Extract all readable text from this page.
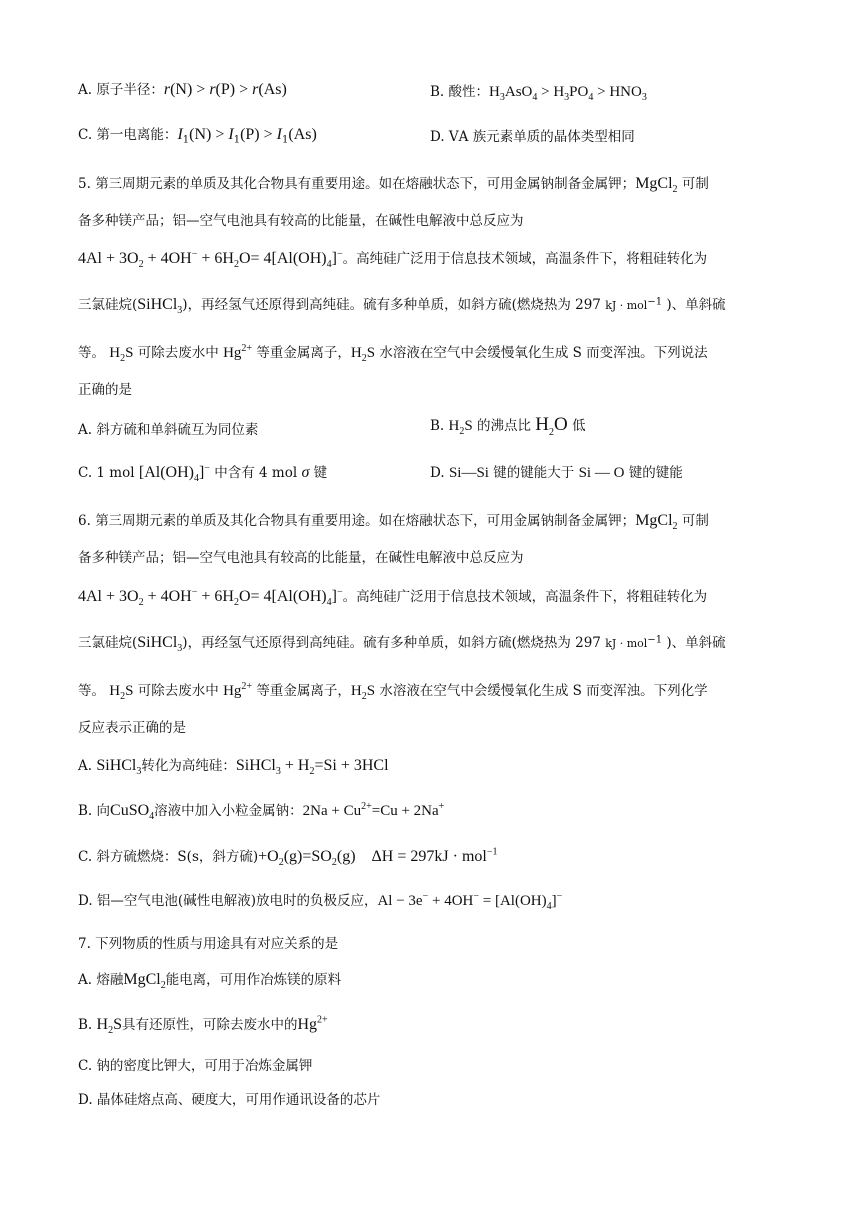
A. 原子半径：r(N) > r(P) > r(As)	B. 酸性：$H_3AsO_4 > H_3PO_4 > HNO_3$
C. 第一电离能：$I_1(N) > I_1(P) > I_1(As)$	D. ⅤA 族元素单质的晶体类型相同
5. 第三周期元素的单质及其化合物具有重要用途。如在熔融状态下，可用金属钠制备金属钾；MgCl$_2$ 可制
备多种镁产品；铝—空气电池具有较高的比能量，在碱性电解液中总反应为
$4Al + 3O_2 + 4OH^- + 6H_2O= 4[Al(OH)_4]^-$。高纯硅广泛用于信息技术领域，高温条件下，将粗硅转化为
三氯硅烷(SiHCl$_3$)，再经氢气还原得到高纯硅。硫有多种单质，如斜方硫(燃烧热为 297 kJ · mol$^{-1}$ )、单斜硫
等。 $H_2S$ 可除去废水中 $Hg^{2+}$ 等重金属离子，$H_2S$ 水溶液在空气中会缓慢氧化生成 S 而变浑浊。下列说法
正确的是
A. 斜方硫和单斜硫互为同位素	B. $H_2S$ 的沸点比 $H_2O$ 低
C. 1 mol $[Al(OH)_4]^-$ 中含有 4 mol σ 键	D. Si—Si 键的键能大于 Si — O 键的键能
6. 第三周期元素的单质及其化合物具有重要用途。如在熔融状态下，可用金属钠制备金属钾；MgCl$_2$ 可制
备多种镁产品；铝—空气电池具有较高的比能量，在碱性电解液中总反应为
$4Al + 3O_2 + 4OH^- + 6H_2O= 4[Al(OH)_4]^-$。高纯硅广泛用于信息技术领域，高温条件下，将粗硅转化为
三氯硅烷(SiHCl$_3$)，再经氢气还原得到高纯硅。硫有多种单质，如斜方硫(燃烧热为 297 kJ · mol$^{-1}$ )、单斜硫
等。 $H_2S$ 可除去废水中 $Hg^{2+}$ 等重金属离子，$H_2S$ 水溶液在空气中会缓慢氧化生成 S 而变浑浊。下列化学
反应表示正确的是
A. SiHCl$_3$转化为高纯硅：SiHCl$_3$ + $H_2=Si + 3HCl$
B. 向CuSO$_4$溶液中加入小粒金属钠：$2Na + Cu^{2+}=Cu + 2Na^+$
C. 斜方硫燃烧：S(s，斜方硫)$+O_2(g)=SO_2(g)$    ΔH = 297kJ · mol$^{-1}$
D. 铝—空气电池(碱性电解液)放电时的负极反应，$Al - 3e^- + 4OH^- = [Al(OH)_4]^-$
7. 下列物质的性质与用途具有对应关系的是
A. 熔融MgCl$_2$能电离，可用作冶炼镁的原料
B. $H_2S$具有还原性，可除去废水中的$Hg^{2+}$
C. 钠的密度比钾大，可用于冶炼金属钾
D. 晶体硅熔点高、硬度大，可用作通讯设备的芯片
